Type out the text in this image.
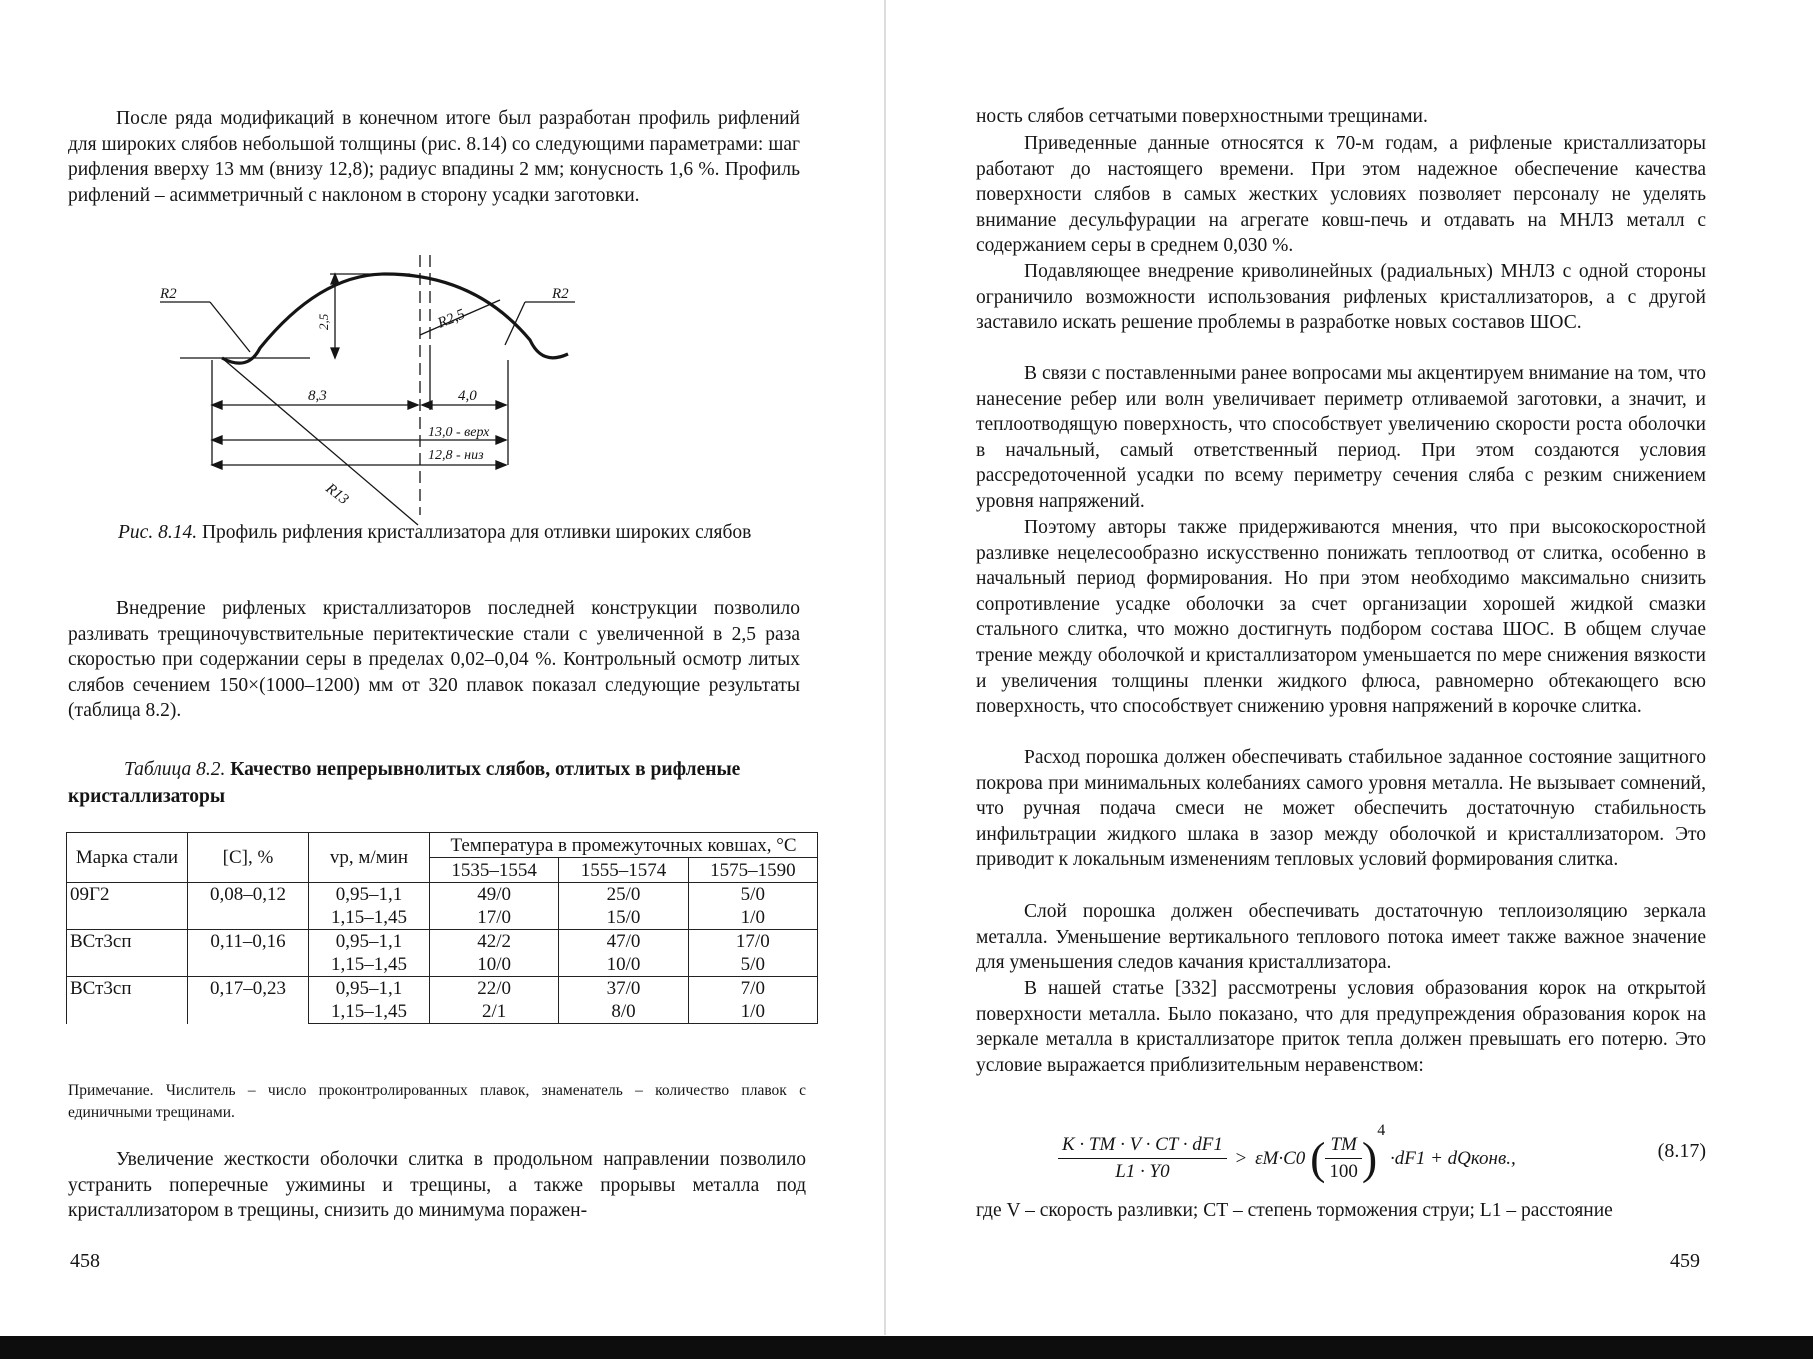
После ряда модификаций в конечном итоге был разработан профиль рифлений для широких слябов небольшой толщины (рис. 8.14) со следующими параметрами: шаг рифления вверху 13 мм (внизу 12,8); радиус впадины 2 мм; конусность 1,6 %. Профиль рифлений – асимметричный с наклоном в сторону усадки заготовки.

R2	R2
R2,5
R13
2,5
8,3	4,0
13,0 - верх
12,8 - низ

Рис. 8.14. Профиль рифления кристаллизатора для отливки широких слябов

Внедрение рифленых кристаллизаторов последней конструкции позволило разливать трещиночувствительные перитектические стали с увеличенной в 2,5 раза скоростью при содержании серы в пределах 0,02–0,04 %. Контрольный осмотр литых слябов сечением 150×(1000–1200) мм от 320 плавок показал следующие результаты (таблица 8.2).

Таблица 8.2. Качество непрерывнолитых слябов, отлитых в рифленые кристаллизаторы

Марка стали	[C], %	vр, м/мин	Температура в промежуточных ковшах, °С		
			1535–1554	1555–1574	1575–1590
09Г2	0,08–0,12	0,95–1,1	49/0	25/0	5/0
		1,15–1,45	17/0	15/0	1/0
ВСт3сп	0,11–0,16	0,95–1,1	42/2	47/0	17/0
		1,15–1,45	10/0	10/0	5/0
ВСт3сп	0,17–0,23	0,95–1,1	22/0	37/0	7/0
		1,15–1,45	2/1	8/0	1/0

Примечание. Числитель – число проконтролированных плавок, знаменатель – количество плавок с единичными трещинами.

Увеличение жесткости оболочки слитка в продольном направлении позволило устранить поперечные ужимины и трещины, а также прорывы металла под кристаллизатором в трещины, снизить до минимума поражен-

458

ность слябов сетчатыми поверхностными трещинами.

Приведенные данные относятся к 70-м годам, а рифленые кристаллизаторы работают до настоящего времени. При этом надежное обеспечение качества поверхности слябов в самых жестких условиях позволяет персоналу не уделять внимание десульфурации на агрегате ковш-печь и отдавать на МНЛЗ металл с содержанием серы в среднем 0,030 %.

Подавляющее внедрение криволинейных (радиальных) МНЛЗ с одной стороны ограничило возможности использования рифленых кристаллизаторов, а с другой заставило искать решение проблемы в разработке новых составов ШОС.

В связи с поставленными ранее вопросами мы акцентируем внимание на том, что нанесение ребер или волн увеличивает периметр отливаемой заготовки, а значит, и теплоотводящую поверхность, что способствует увеличению скорости роста оболочки в начальный, самый ответственный период. При этом создаются условия рассредоточенной усадки по всему периметру сечения сляба с резким снижением уровня напряжений.

Поэтому авторы также придерживаются мнения, что при высокоскоростной разливке нецелесообразно искусственно понижать теплоотвод от слитка, особенно в начальный период формирования. Но при этом необходимо максимально снизить сопротивление усадке оболочки за счет организации хорошей жидкой смазки стального слитка, что можно достигнуть подбором состава ШОС. В общем случае трение между оболочкой и кристаллизатором уменьшается по мере снижения вязкости и увеличения толщины пленки жидкого флюса, равномерно обтекающего всю поверхность, что способствует снижению уровня напряжений в корочке слитка.

Расход порошка должен обеспечивать стабильное заданное состояние защитного покрова при минимальных колебаниях самого уровня металла. Не вызывает сомнений, что ручная подача смеси не может обеспечить достаточную стабильность инфильтрации жидкого шлака в зазор между оболочкой и кристаллизатором. Это приводит к локальным изменениям тепловых условий формирования слитка.

Слой порошка должен обеспечивать достаточную теплоизоляцию зеркала металла. Уменьшение вертикального теплового потока имеет также важное значение для уменьшения следов качания кристаллизатора.

В нашей статье [332] рассмотрены условия образования корок на открытой поверхности металла. Было показано, что для предупреждения образования корок на зеркале металла в кристаллизаторе приток тепла должен превышать его потерю. Это условие выражается приблизительным неравенством:

где V – скорость разливки; CТ – степень торможения струи; L1 – расстояние

459
$\frac{K \cdot TM \cdot V \cdot CT \cdot dF1}{L1 \cdot Y0} > \varepsilon M\cdot C0$ ( $\frac{TM}{100} )^4 \cdot dF1$ + dQконв.,	(8.17)
